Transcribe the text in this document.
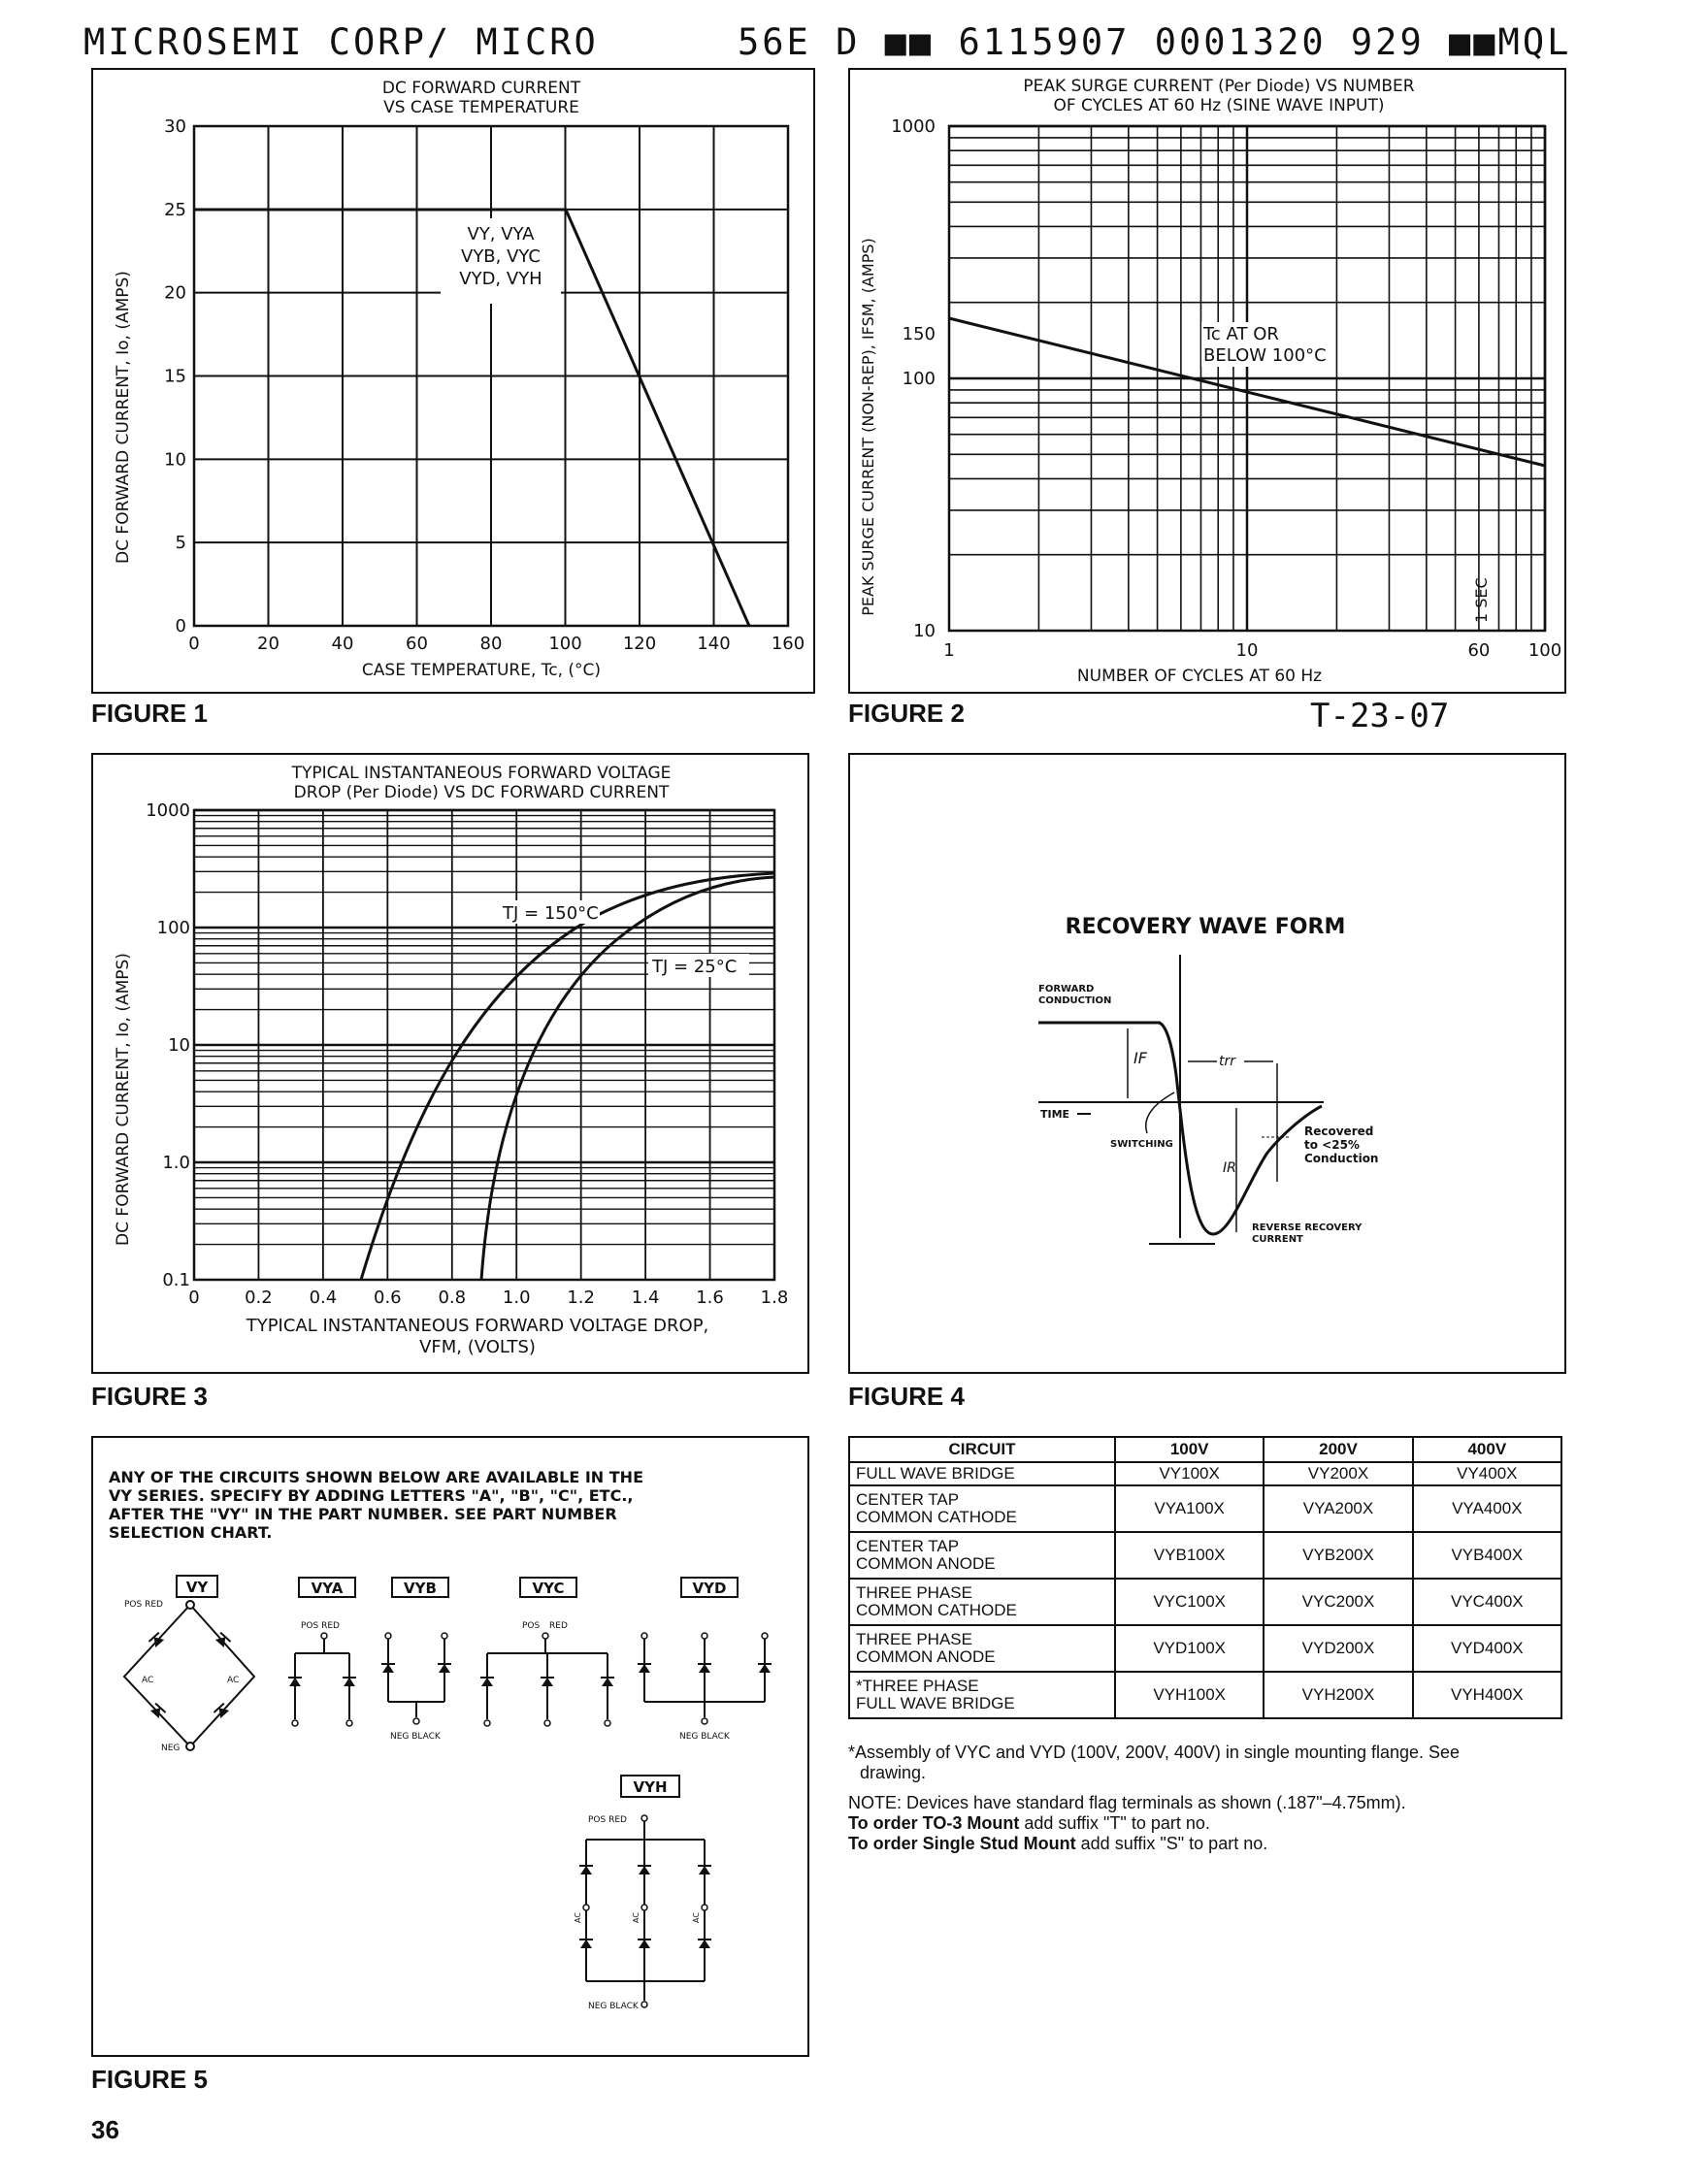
MICROSEMI CORP/ MICRO	56E D ■■ 6115907 0001320 929 ■■MQL
DC FORWARD CURRENT
VS CASE TEMPERATURE
30
25
20
15
10
5
0
0	20	40	60	80	100 120 140 160
VY, VYA
VYB, VYC
VYD, VYH
DC FORWARD CURRENT, Io, (AMPS)
CASE TEMPERATURE, Tc, (°C)
FIGURE 1
PEAK SURGE CURRENT (Per Diode) VS NUMBER
OF CYCLES AT 60 Hz (SINE WAVE INPUT)
1000
150
100
10
1	10	60 100
Tc AT OR
BELOW 100°C
1 SEC
PEAK SURGE CURRENT (NON-REP), IFSM, (AMPS)
NUMBER OF CYCLES AT 60 Hz
FIGURE 2	T-23-07
TYPICAL INSTANTANEOUS FORWARD VOLTAGE
DROP (Per Diode) VS DC FORWARD CURRENT
1000
100
10
1.0
0.1
0	0.2 0.4 0.6 0.8 1.0 1.2 1.4 1.6 1.8
TJ = 150°C
TJ = 25°C
DC FORWARD CURRENT, Io, (AMPS)
TYPICAL INSTANTANEOUS FORWARD VOLTAGE DROP,
VFM, (VOLTS)
FIGURE 3
RECOVERY WAVE FORM
FORWARD
CONDUCTION
TIME
IF	trr
IR
SWITCHING
Recovered
to <25%
Conduction
REVERSE RECOVERY
CURRENT
FIGURE 4
ANY OF THE CIRCUITS SHOWN BELOW ARE AVAILABLE IN THE
VY SERIES. SPECIFY BY ADDING LETTERS "A", "B", "C", ETC.,
AFTER THE "VY" IN THE PART NUMBER. SEE PART NUMBER
SELECTION CHART.
VY
POS RED
NEG
AC	AC
VYA
POS RED
VYB
NEG BLACK
VYC
POS RED
VYD
NEG BLACK
VYH
POS RED
AC	AC	AC
NEG BLACK
FIGURE 5
CIRCUIT	100V	200V	400V

FULL WAVE BRIDGE	VY100X	VY200X	VY400X

CENTER TAP
COMMON CATHODE	VYA100X	VYA200X	VYA400X

CENTER TAP
COMMON ANODE	VYB100X	VYB200X	VYB400X

THREE PHASE
COMMON CATHODE	VYC100X	VYC200X	VYC400X

THREE PHASE
COMMON ANODE	VYD100X	VYD200X	VYD400X

*THREE PHASE
FULL WAVE BRIDGE	VYH100X	VYH200X	VYH400X
*Assembly of VYC and VYD (100V, 200V, 400V) in single mounting flange. See
drawing.
NOTE: Devices have standard flag terminals as shown (.187"–4.75mm).
To order TO-3 Mount add suffix "T" to part no.
To order Single Stud Mount add suffix "S" to part no.
36
